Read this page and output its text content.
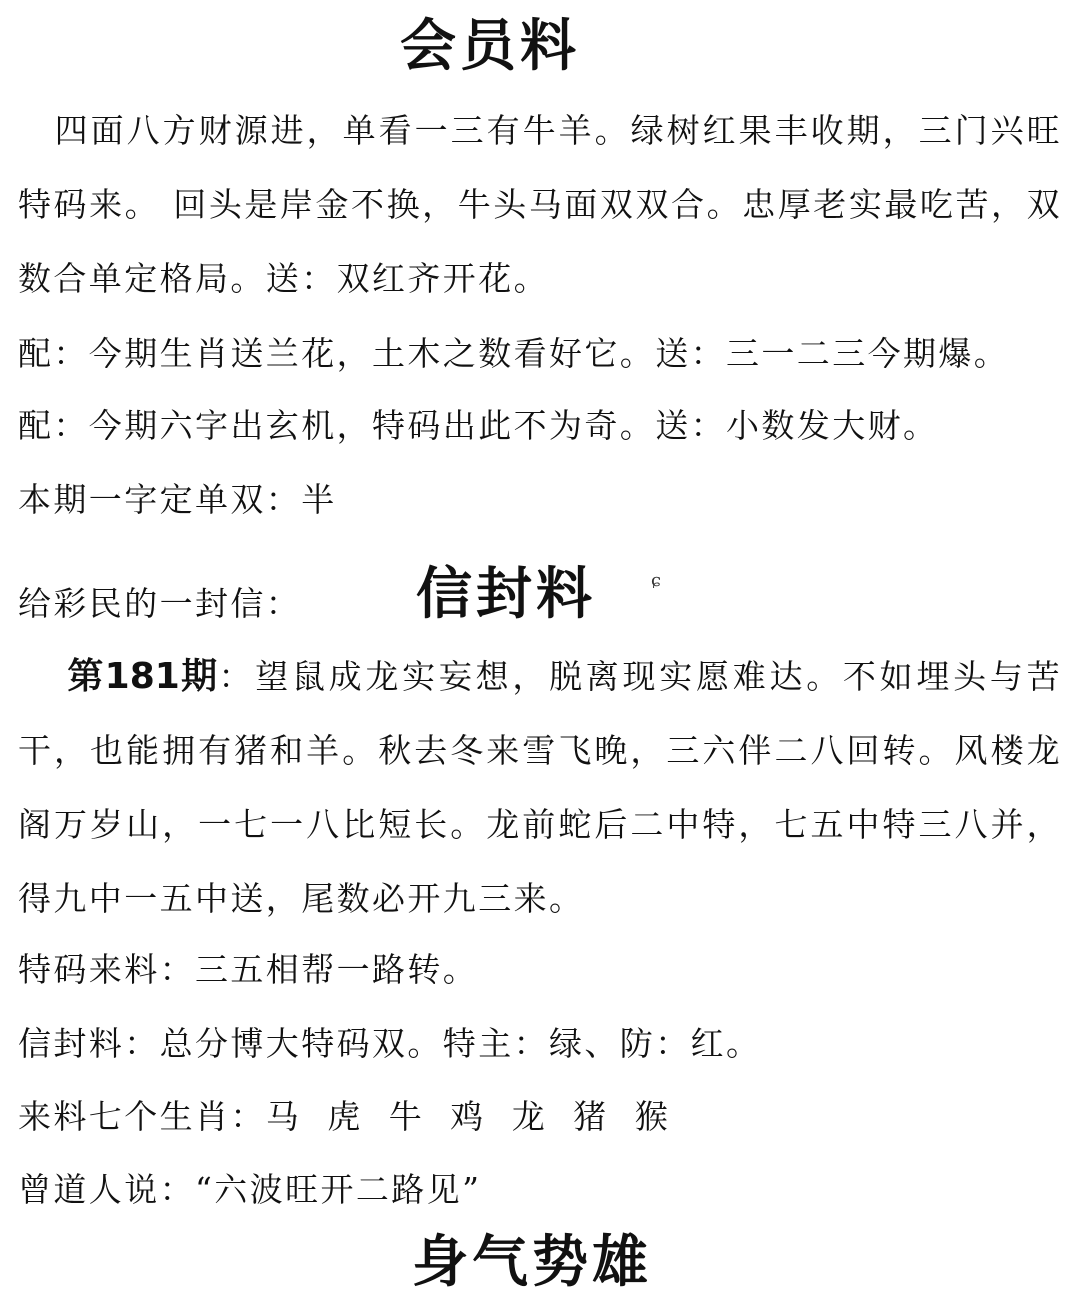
会员料
四面八方财源进，单看一三有牛羊。绿树红果丰收期，三门兴旺特码来。 回头是岸金不换，牛头马面双双合。忠厚老实最吃苦，双数合单定格局。送：双红齐开花。
配：今期生肖送兰花，土木之数看好它。送：三一二三今期爆。
配：今期六字出玄机，特码出此不为奇。送：小数发大财。
本期一字定单双：半
给彩民的一封信： 信封料	ɕ
第181期：望鼠成龙实妄想，脱离现实愿难达。不如埋头与苦干，也能拥有猪和羊。秋去冬来雪飞晚，三六伴二八回转。风楼龙阁万岁山，一七一八比短长。龙前蛇后二中特，七五中特三八并，得九中一五中送，尾数必开九三来。
特码来料：三五相帮一路转。
信封料：总分博大特码双。特主：绿、防：红。
来料七个生肖：马 虎 牛 鸡 龙 猪 猴
曾道人说：“六波旺开二路见”
身气势雄
